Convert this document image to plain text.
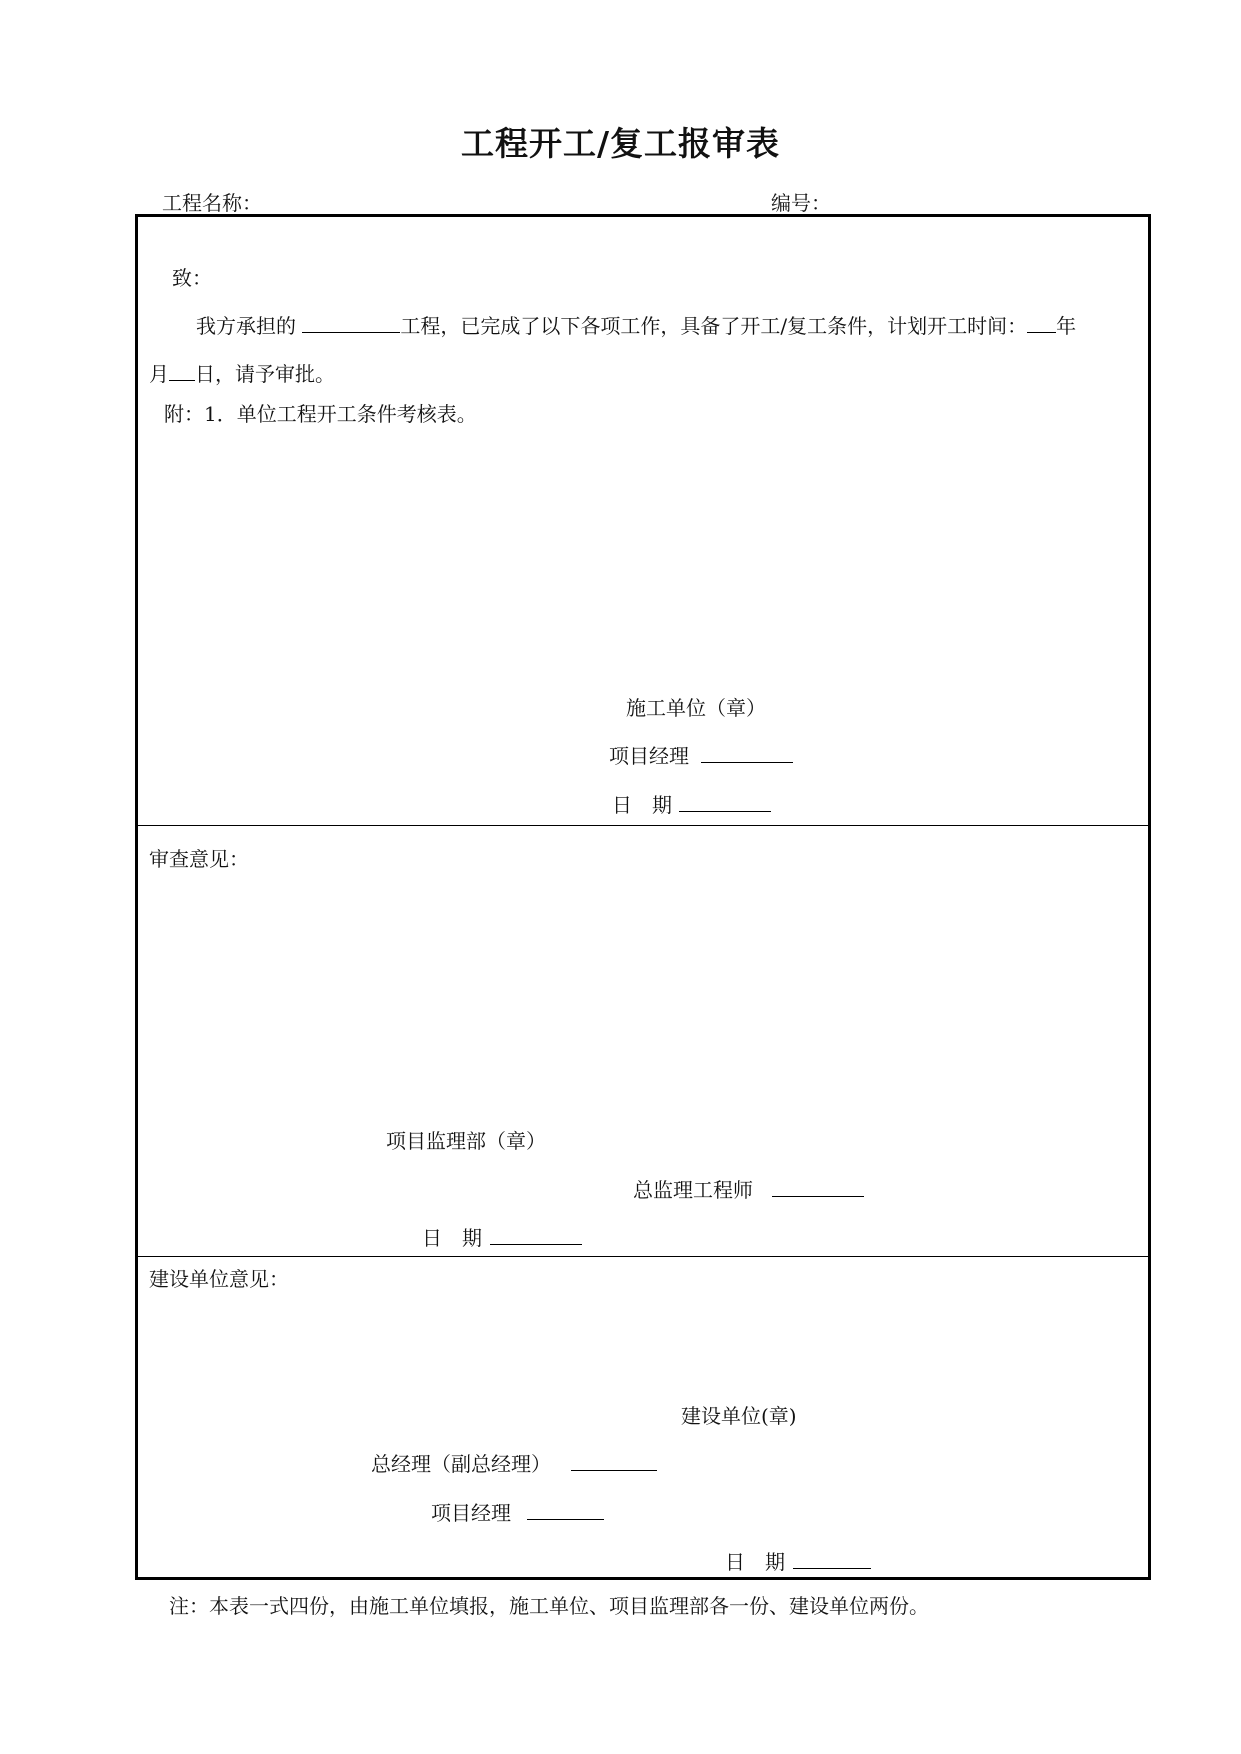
工程开工/复工报审表
工程名称：	编号：
致：
我方承担的	工程，已完成了以下各项工作，具备了开工/复工条件，计划开工时间： 年
月 日，请予审批。
附：1．单位工程开工条件考核表。
施工单位（章）
项目经理
日　期
审查意见：
项目监理部（章）
总监理工程师
日　期
建设单位意见：
建设单位(章)
总经理（副总经理）
项目经理
日　期
注：本表一式四份，由施工单位填报，施工单位、项目监理部各一份、建设单位两份。
